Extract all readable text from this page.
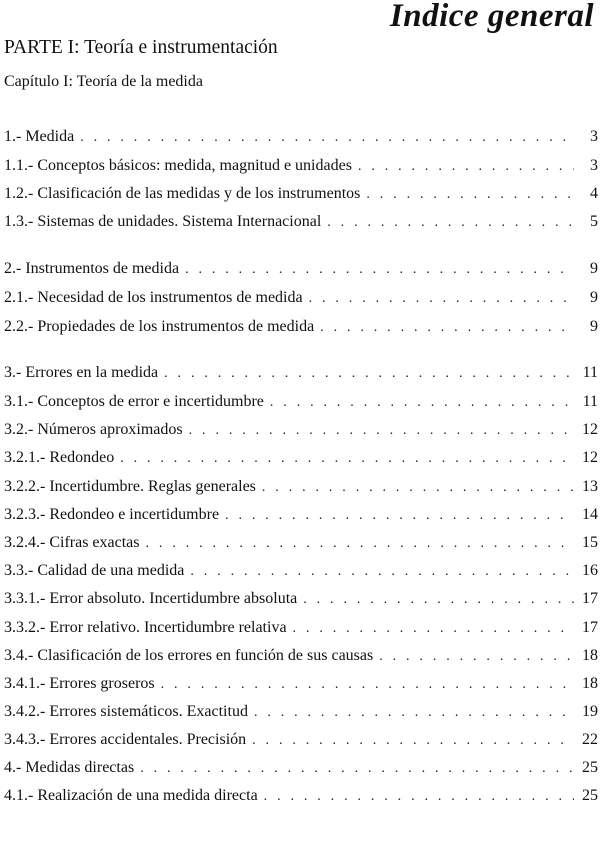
Indice general
PARTE I: Teoría e instrumentación
Capítulo I: Teoría de la medida
1.- Medida . . .	3
1.1.- Conceptos básicos: medida, magnitud e unidades . . .	3
1.2.- Clasificación de las medidas y de los instrumentos . . .	4
1.3.- Sistemas de unidades. Sistema Internacional . . .	5
2.- Instrumentos de medida . . .	9
2.1.- Necesidad de los instrumentos de medida . . .	9
2.2.- Propiedades de los instrumentos de medida . . .	9
3.- Errores en la medida . . .	11
3.1.- Conceptos de error e incertidumbre . . .	11
3.2.- Números aproximados . . .	12
3.2.1.- Redondeo . . .	12
3.2.2.- Incertidumbre. Reglas generales . . .	13
3.2.3.- Redondeo e incertidumbre . . .	14
3.2.4.- Cifras exactas . . .	15
3.3.- Calidad de una medida . . .	16
3.3.1.- Error absoluto. Incertidumbre absoluta . . .	17
3.3.2.- Error relativo. Incertidumbre relativa . . .	17
3.4.- Clasificación de los errores en función de sus causas . . .	18
3.4.1.- Errores groseros . . .	18
3.4.2.- Errores sistemáticos. Exactitud . . .	19
3.4.3.- Errores accidentales. Precisión . . .	22
4.- Medidas directas . . .	25
4.1.- Realización de una medida directa . . .	25
